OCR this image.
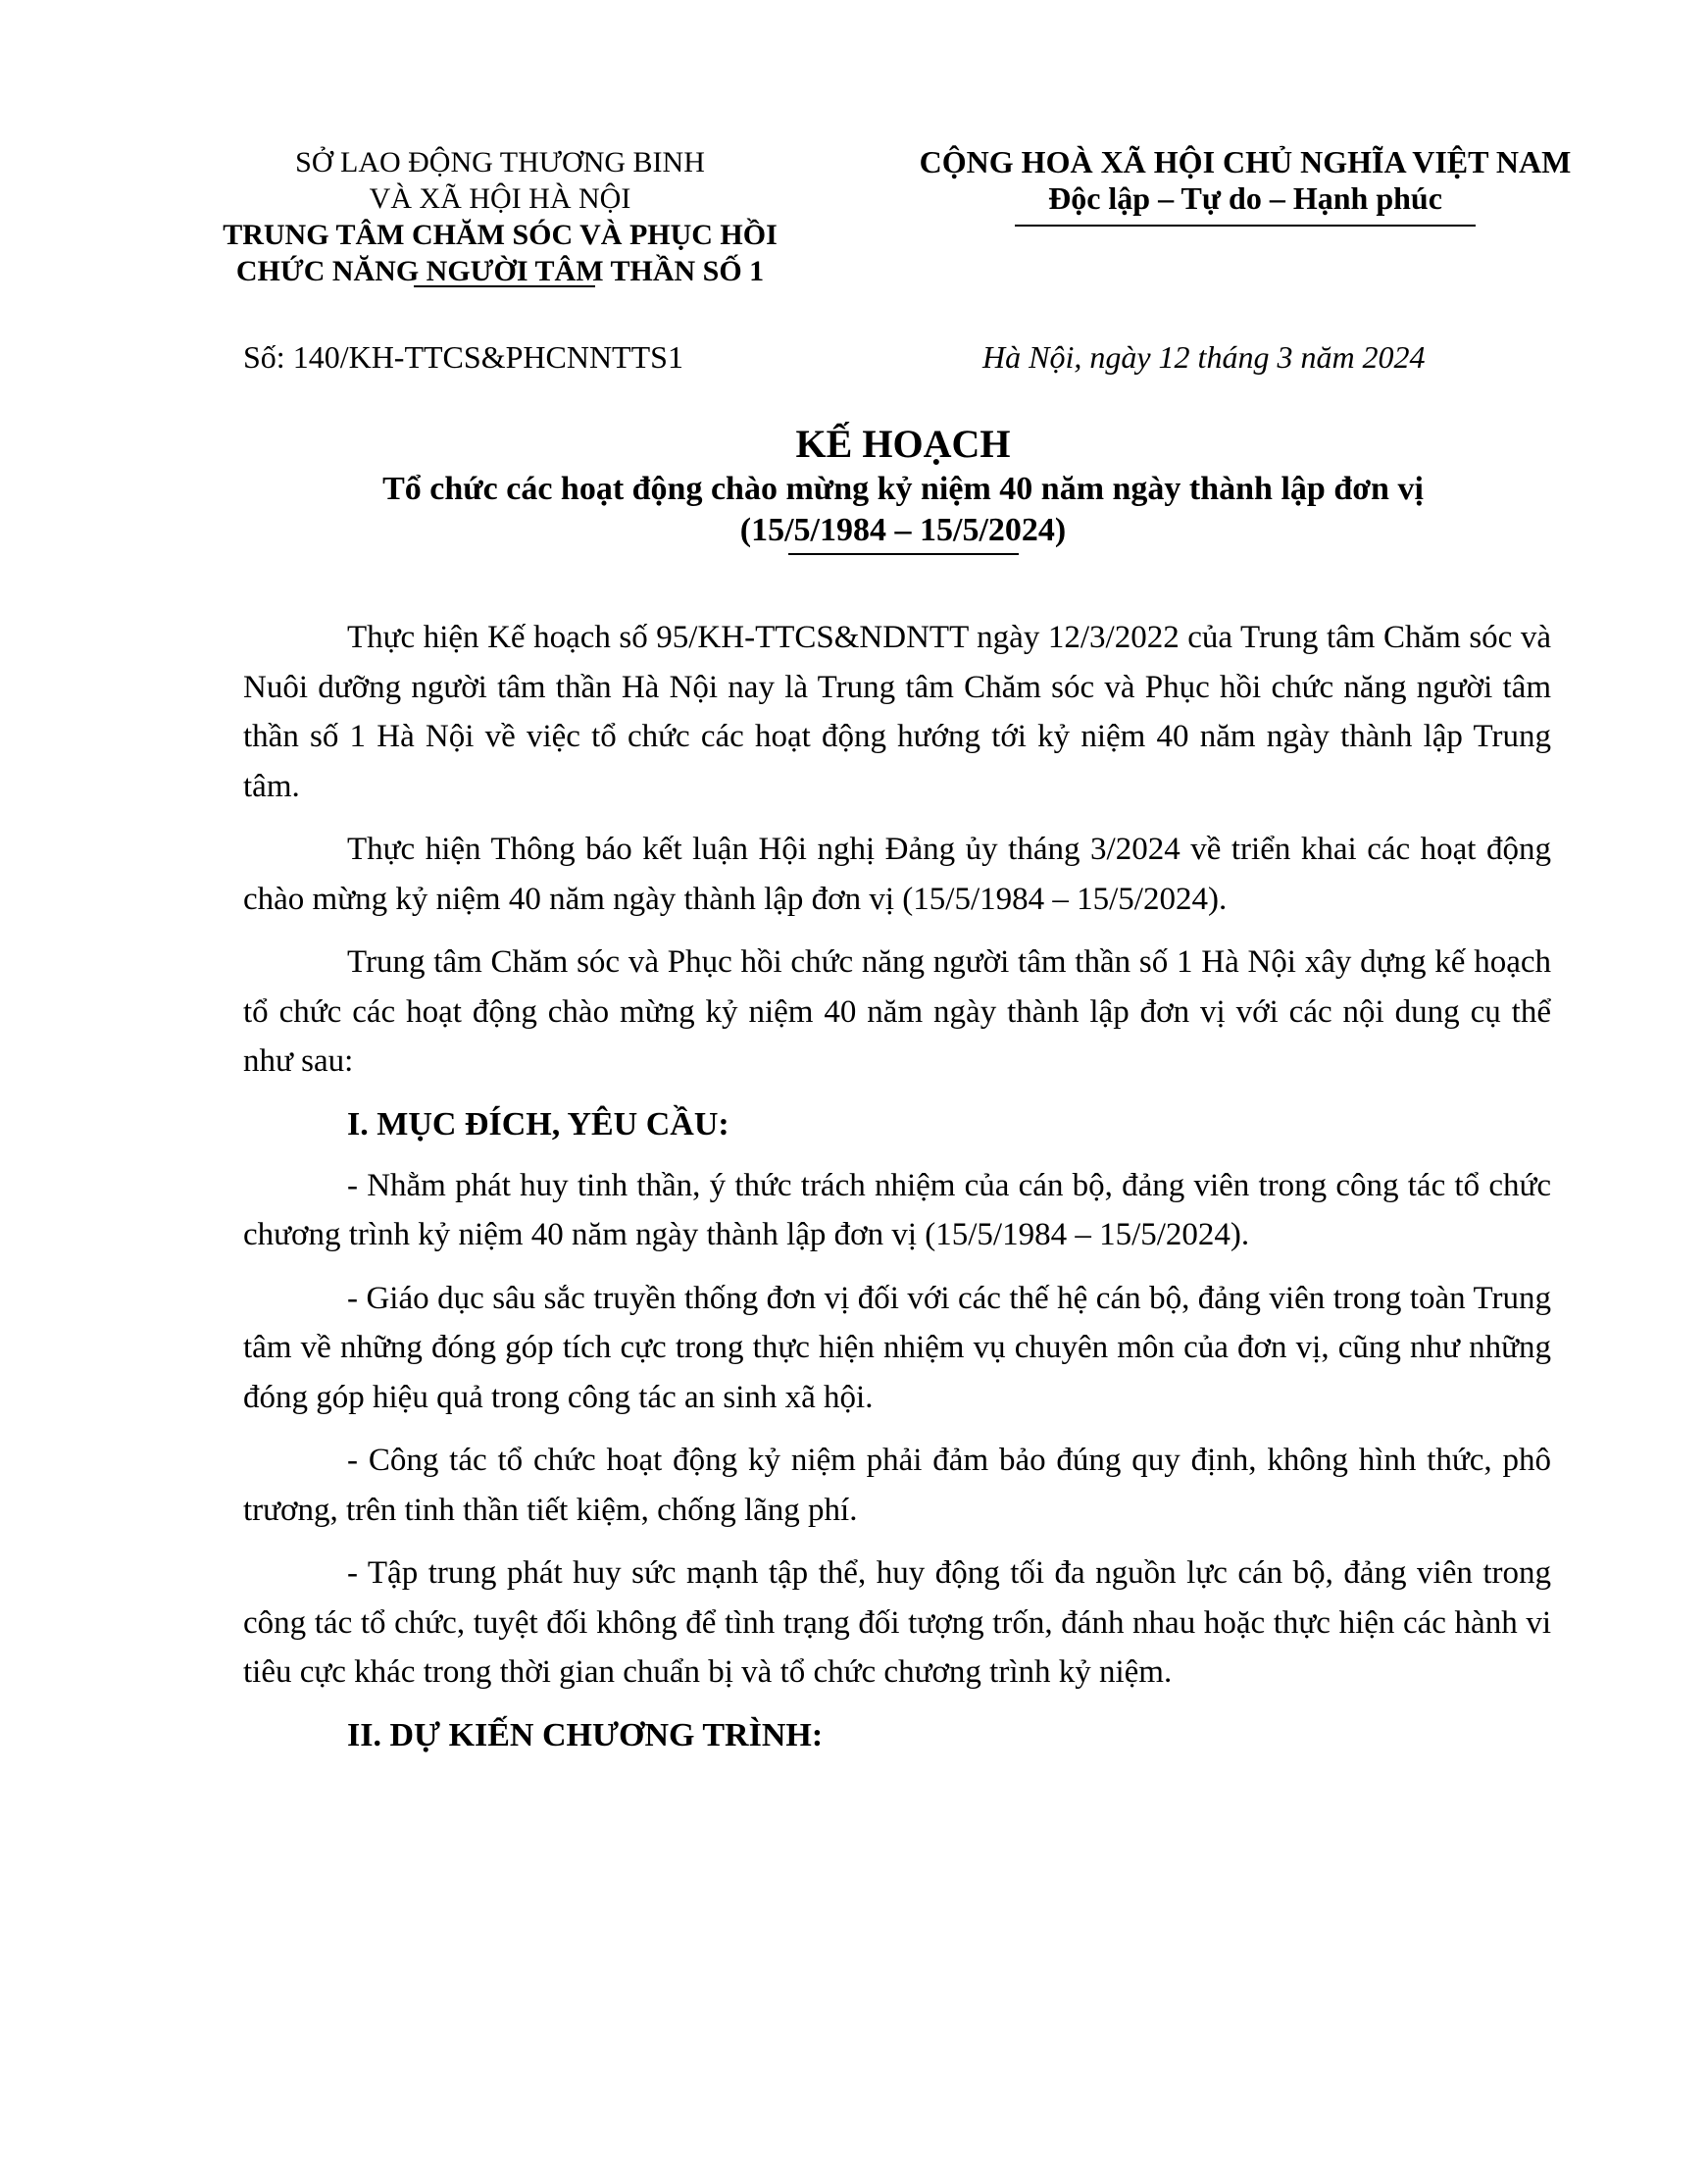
SỞ LAO ĐỘNG THƯƠNG BINH
VÀ XÃ HỘI HÀ NỘI
TRUNG TÂM CHĂM SÓC VÀ PHỤC HỒI
CHỨC NĂNG NGƯỜI TÂM THẦN SỐ 1
CỘNG HOÀ XÃ HỘI CHỦ NGHĨA VIỆT NAM
Độc lập – Tự do – Hạnh phúc
Số: 140/KH-TTCS&PHCNNTTS1	Hà Nội, ngày 12 tháng 3 năm 2024
KẾ HOẠCH
Tổ chức các hoạt động chào mừng kỷ niệm 40 năm ngày thành lập đơn vị
(15/5/1984 – 15/5/2024)

Thực hiện Kế hoạch số 95/KH-TTCS&NDNTT ngày 12/3/2022 của Trung tâm Chăm sóc và Nuôi dưỡng người tâm thần Hà Nội nay là Trung tâm Chăm sóc và Phục hồi chức năng người tâm thần số 1 Hà Nội về việc tổ chức các hoạt động hướng tới kỷ niệm 40 năm ngày thành lập Trung tâm.

Thực hiện Thông báo kết luận Hội nghị Đảng ủy tháng 3/2024 về triển khai các hoạt động chào mừng kỷ niệm 40 năm ngày thành lập đơn vị (15/5/1984 – 15/5/2024).

Trung tâm Chăm sóc và Phục hồi chức năng người tâm thần số 1 Hà Nội xây dựng kế hoạch tổ chức các hoạt động chào mừng kỷ niệm 40 năm ngày thành lập đơn vị với các nội dung cụ thể như sau:

I. MỤC ĐÍCH, YÊU CẦU:

- Nhằm phát huy tinh thần, ý thức trách nhiệm của cán bộ, đảng viên trong công tác tổ chức chương trình kỷ niệm 40 năm ngày thành lập đơn vị (15/5/1984 – 15/5/2024).

- Giáo dục sâu sắc truyền thống đơn vị đối với các thế hệ cán bộ, đảng viên trong toàn Trung tâm về những đóng góp tích cực trong thực hiện nhiệm vụ chuyên môn của đơn vị, cũng như những đóng góp hiệu quả trong công tác an sinh xã hội.

- Công tác tổ chức hoạt động kỷ niệm phải đảm bảo đúng quy định, không hình thức, phô trương, trên tinh thần tiết kiệm, chống lãng phí.

- Tập trung phát huy sức mạnh tập thể, huy động tối đa nguồn lực cán bộ, đảng viên trong công tác tổ chức, tuyệt đối không để tình trạng đối tượng trốn, đánh nhau hoặc thực hiện các hành vi tiêu cực khác trong thời gian chuẩn bị và tổ chức chương trình kỷ niệm.

II. DỰ KIẾN CHƯƠNG TRÌNH:
